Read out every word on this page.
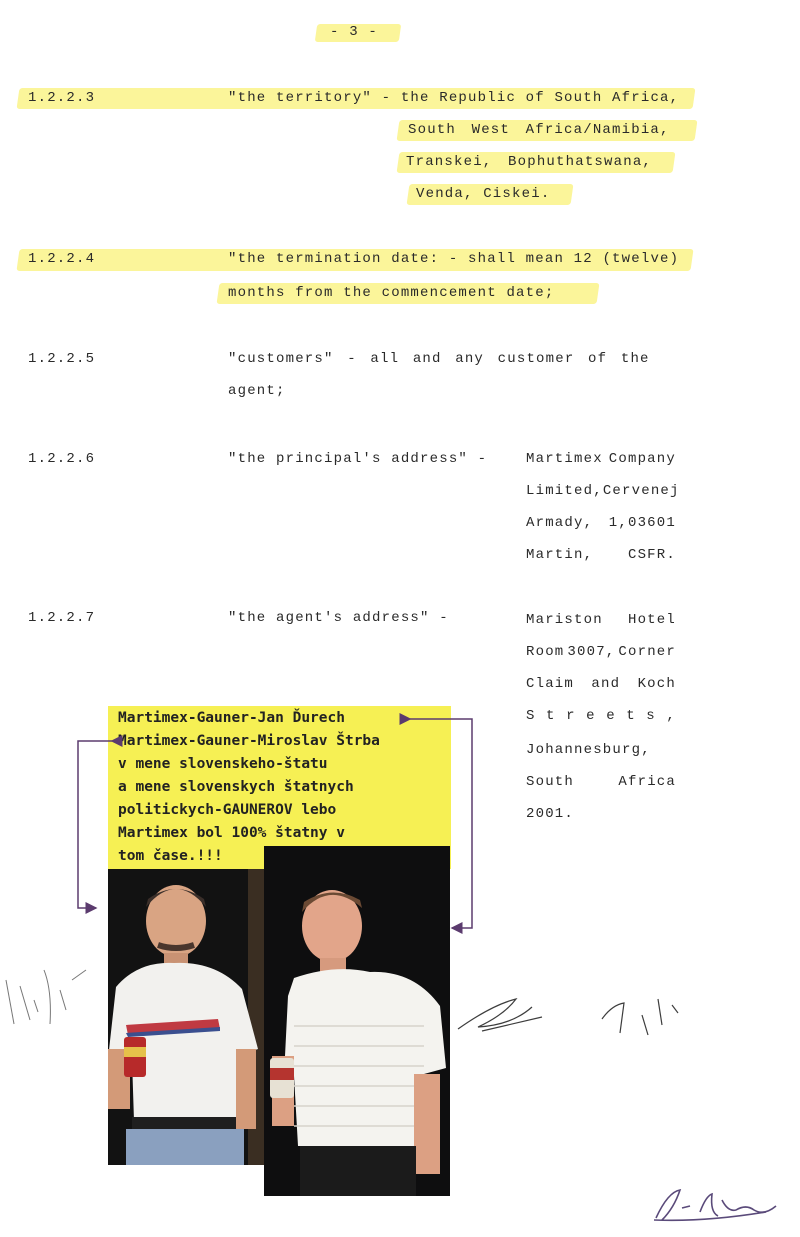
- 3 -
1.2.2.3	"the territory" - the Republic of South Africa,
South West Africa/Namibia,
Transkei, Bophuthatswana,
Venda, Ciskei.
1.2.2.4	"the termination date: - shall mean 12 (twelve)
months from the commencement date;
1.2.2.5	"customers" - all and any customer of the
agent;
1.2.2.6	"the principal's address" -	Martimex Company
Limited, Cervenej
Armady, 1,03601
Martin, CSFR.
1.2.2.7	"the agent's address" -	Mariston Hotel
Room 3007, Corner
Claim and Koch
S t r e e t s ,
Johannesburg,
South	Africa
2001.
Martimex-Gauner-Jan Ďurech
Martimex-Gauner-Miroslav Štrba
v mene slovenskeho-štatu
a mene slovenskych štatnych
politickych-GAUNEROV lebo
Martimex bol 100% štatny v
tom čase.!!!
